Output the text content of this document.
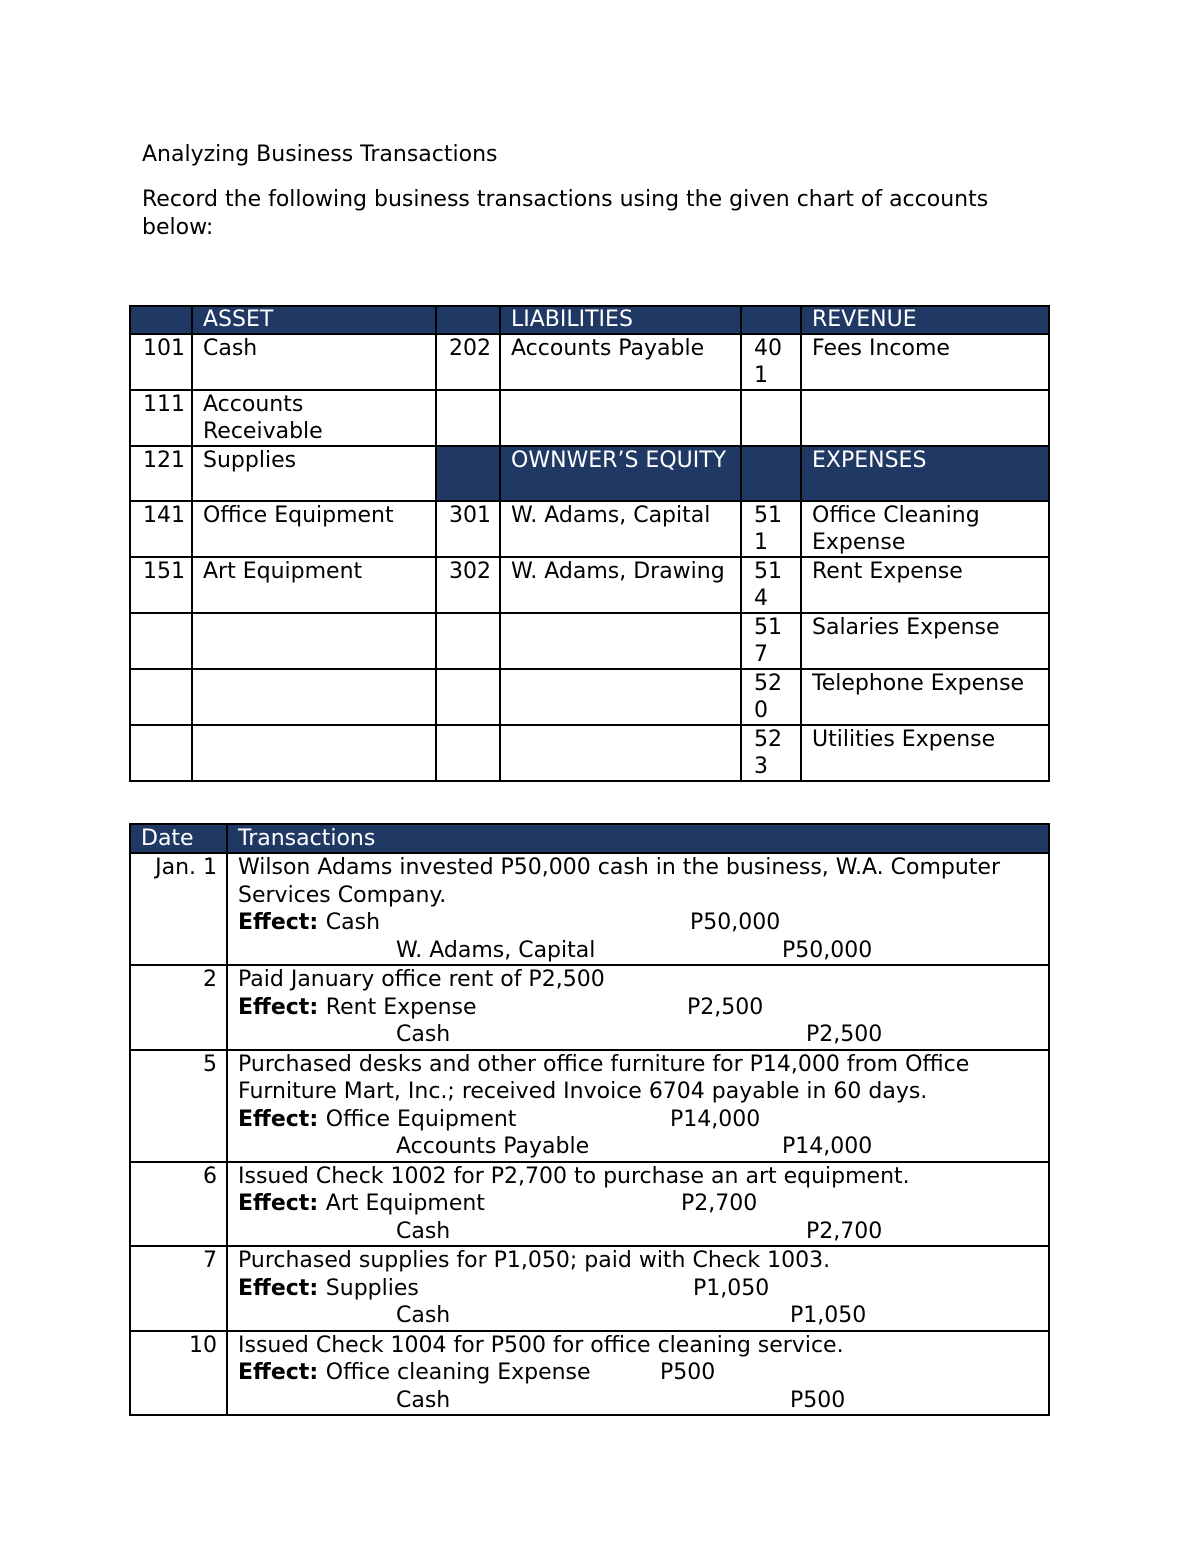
Analyzing Business Transactions

Record the following business transactions using the given chart of accounts below:

	ASSET		LIABILITIES		REVENUE
101	Cash	202	Accounts Payable	401	Fees Income
111	Accounts Receivable				
121	Supplies		OWNWER’S EQUITY		EXPENSES
141	Office Equipment	301	W. Adams, Capital	511	Office Cleaning Expense
151	Art Equipment	302	W. Adams, Drawing	514	Rent Expense
				517	Salaries Expense
				520	Telephone Expense
				523	Utilities Expense
Date	Transactions
Jan. 1	Wilson Adams invested P50,000 cash in the business, W.A. Computer Services Company.
Effect: Cash P50,000
W. Adams, Capital P50,000

2	Paid January office rent of P2,500
Effect: Rent Expense P2,500
Cash P2,500

5	Purchased desks and other office furniture for P14,000 from Office Furniture Mart, Inc.; received Invoice 6704 payable in 60 days.
Effect: Office Equipment P14,000
Accounts Payable P14,000

6	Issued Check 1002 for P2,700 to purchase an art equipment.
Effect: Art Equipment P2,700
Cash P2,700

7	Purchased supplies for P1,050; paid with Check 1003.
Effect: Supplies P1,050
Cash P1,050

10	Issued Check 1004 for P500 for office cleaning service.
Effect: Office cleaning Expense P500
Cash P500
